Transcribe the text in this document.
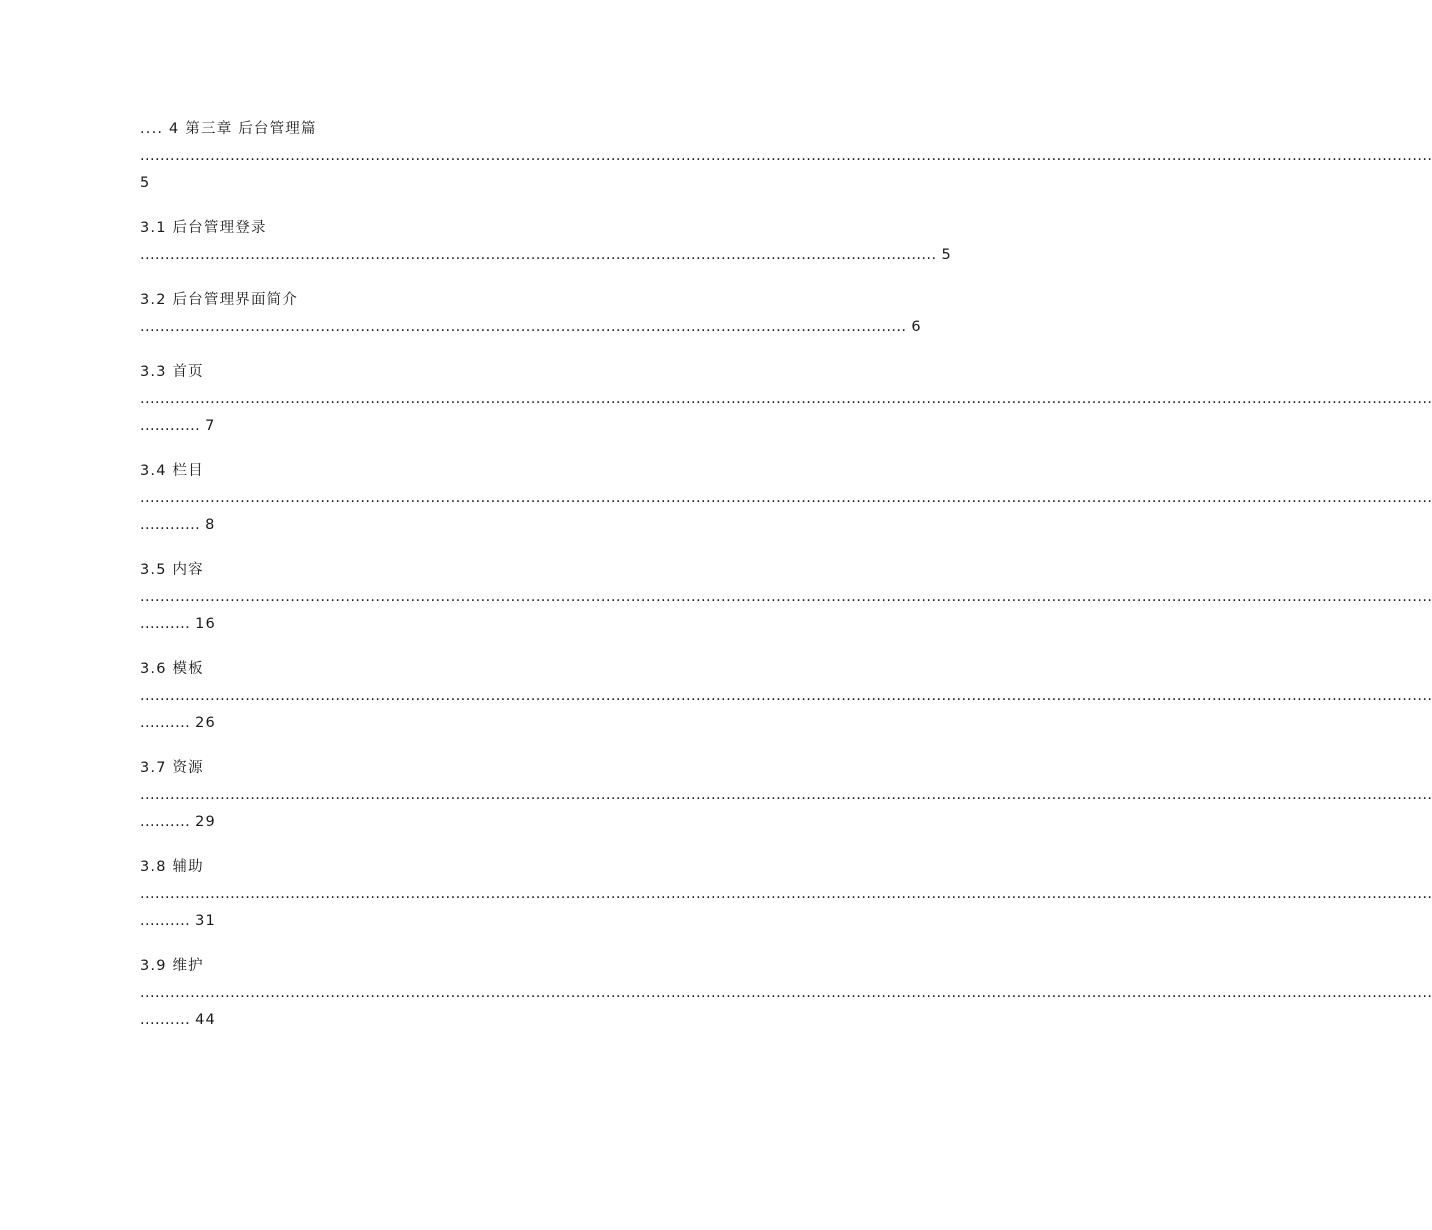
.... 4 第三章 后台管理篇
..................................................................................................................................................................................................................................................................
5
3.1 后台管理登录
............................................................................................................................................................... 5
3.2 后台管理界面简介
......................................................................................................................................................... 6
3.3 首页
..................................................................................................................................................................................................................................................................
............ 7
3.4 栏目
..................................................................................................................................................................................................................................................................
............ 8
3.5 内容
..................................................................................................................................................................................................................................................................
.......... 16
3.6 模板
..................................................................................................................................................................................................................................................................
.......... 26
3.7 资源
..................................................................................................................................................................................................................................................................
.......... 29
3.8 辅助
..................................................................................................................................................................................................................................................................
.......... 31
3.9 维护
..................................................................................................................................................................................................................................................................
.......... 44
